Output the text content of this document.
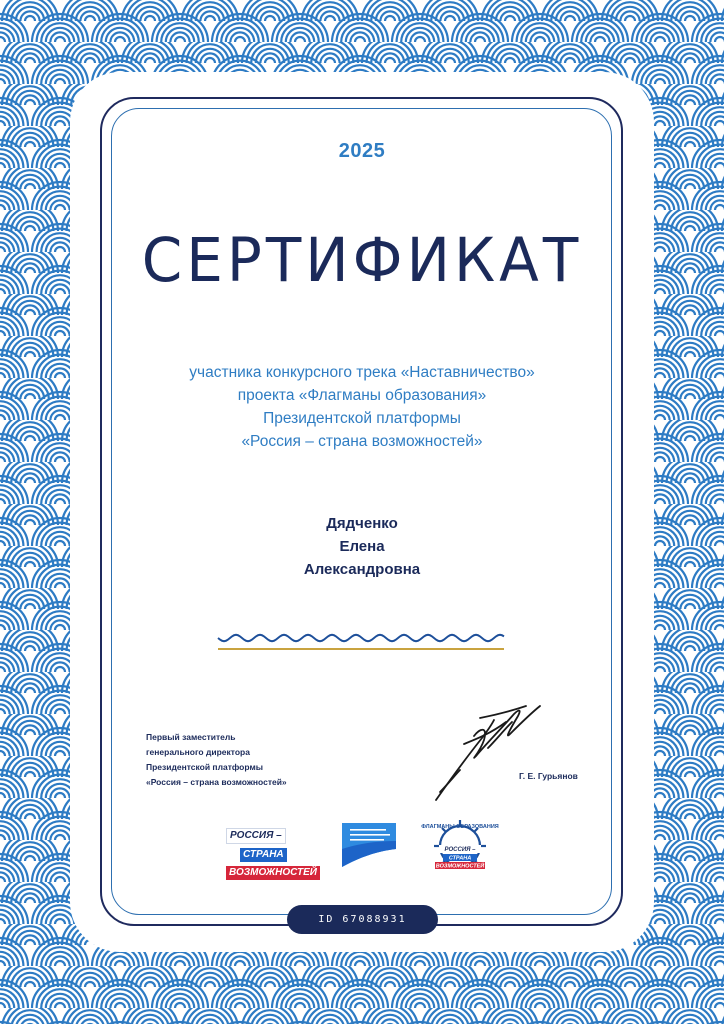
2025
СЕРТИФИКАТ
участника конкурсного трека «Наставничество»
проекта «Флагманы образования»
Президентской платформы
«Россия – страна возможностей»
Дядченко
Елена
Александровна
Первый заместитель
генерального директора
Президентской платформы
«Россия – страна возможностей»
Г. Е. Гурьянов
РОССИЯ –
СТРАНА
ВОЗМОЖНОСТЕЙ
ФЛАГМАНЫ ОБРАЗОВАНИЯ
РОССИЯ –
СТРАНА
ВОЗМОЖНОСТЕЙ
ID 67088931
